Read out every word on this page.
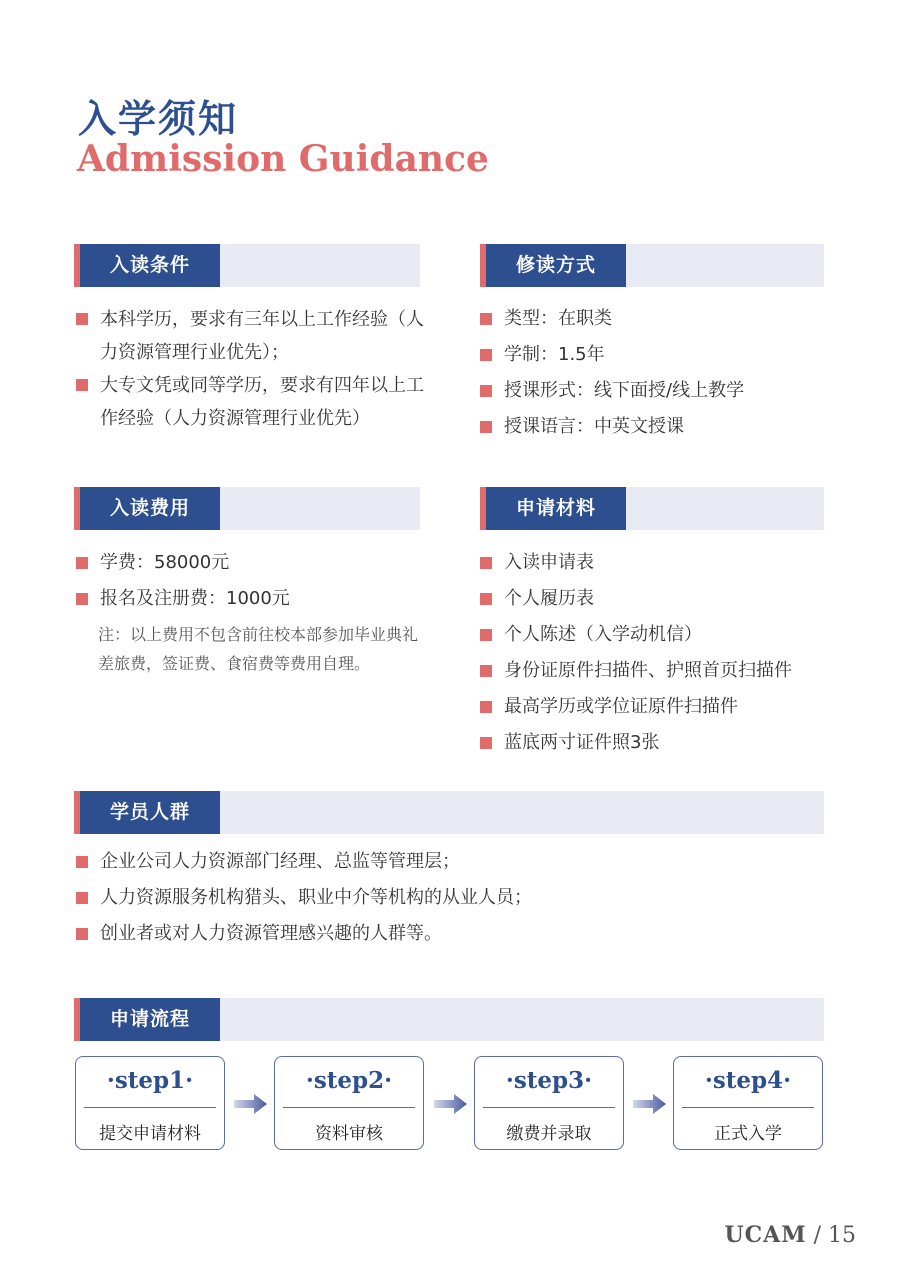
入学须知
Admission Guidance
入读条件
本科学历，要求有三年以上工作经验（人力资源管理行业优先）；
大专文凭或同等学历，要求有四年以上工作经验（人力资源管理行业优先）
修读方式
类型：在职类
学制：1.5年
授课形式：线下面授/线上教学
授课语言：中英文授课
入读费用
学费：58000元
报名及注册费：1000元
注：以上费用不包含前往校本部参加毕业典礼差旅费，签证费、食宿费等费用自理。
申请材料
入读申请表
个人履历表
个人陈述（入学动机信）
身份证原件扫描件、护照首页扫描件
最高学历或学位证原件扫描件
蓝底两寸证件照3张
学员人群
企业公司人力资源部门经理、总监等管理层；
人力资源服务机构猎头、职业中介等机构的从业人员；
创业者或对人力资源管理感兴趣的人群等。
申请流程
·step1·
提交申请材料
·step2·
资料审核
·step3·
缴费并录取
·step4·
正式入学
UCAM / 15
